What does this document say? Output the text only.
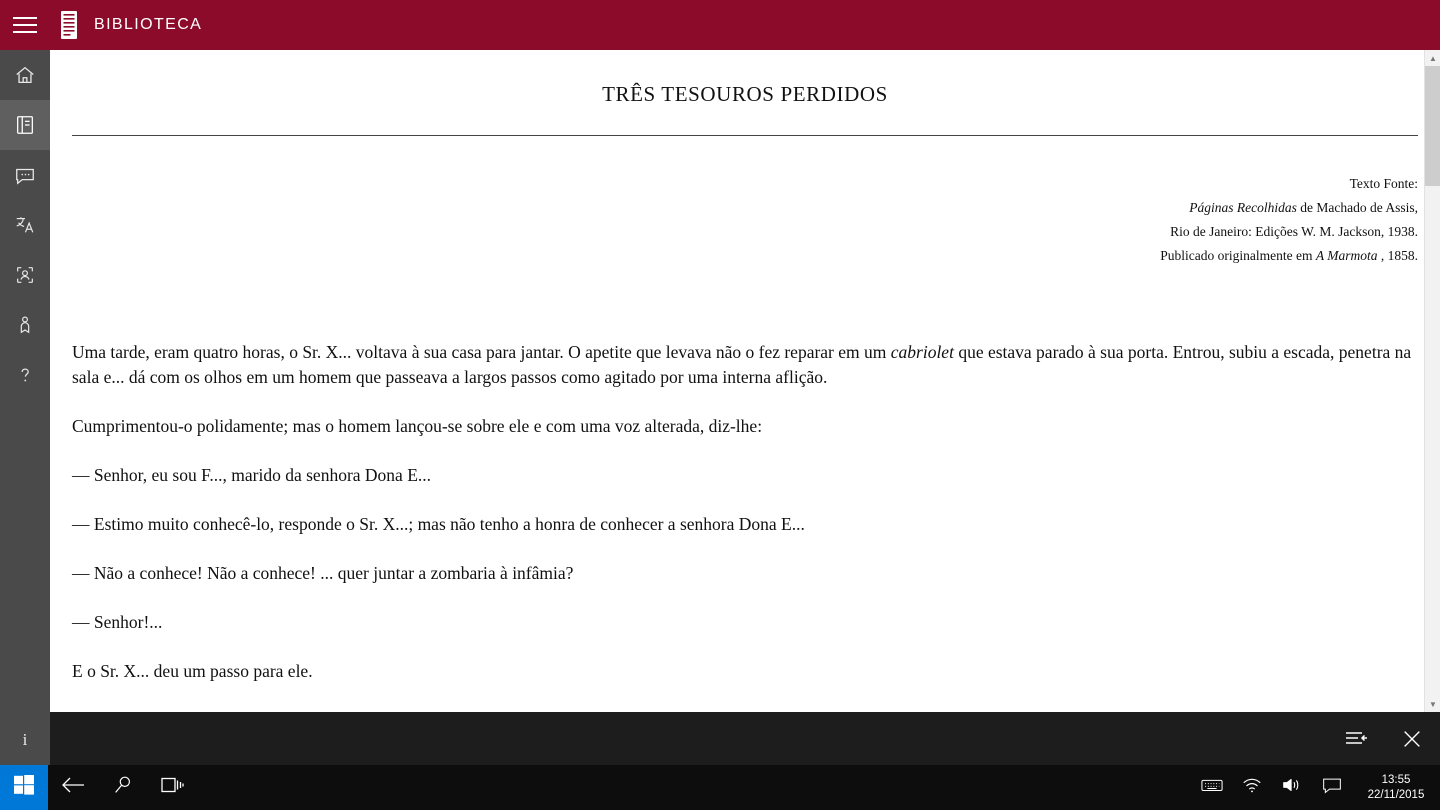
BIBLIOTECA
i
TRÊS TESOUROS PERDIDOS
Texto Fonte:
Páginas Recolhidas de Machado de Assis,
Rio de Janeiro: Edições W. M. Jackson, 1938.
Publicado originalmente em A Marmota , 1858.

Uma tarde, eram quatro horas, o Sr. X... voltava à sua casa para jantar. O apetite que levava não o fez reparar em um cabriolet que estava parado à sua porta. Entrou, subiu a escada, penetra na sala e... dá com os olhos em um homem que passeava a largos passos como agitado por uma interna aflição.

Cumprimentou-o polidamente; mas o homem lançou-se sobre ele e com uma voz alterada, diz-lhe:

— Senhor, eu sou F..., marido da senhora Dona E...

— Estimo muito conhecê-lo, responde o Sr. X...; mas não tenho a honra de conhecer a senhora Dona E...

— Não a conhece! Não a conhece! ... quer juntar a zombaria à infâmia?

— Senhor!...

E o Sr. X... deu um passo para ele.

▲
▼
13:55
22/11/2015
